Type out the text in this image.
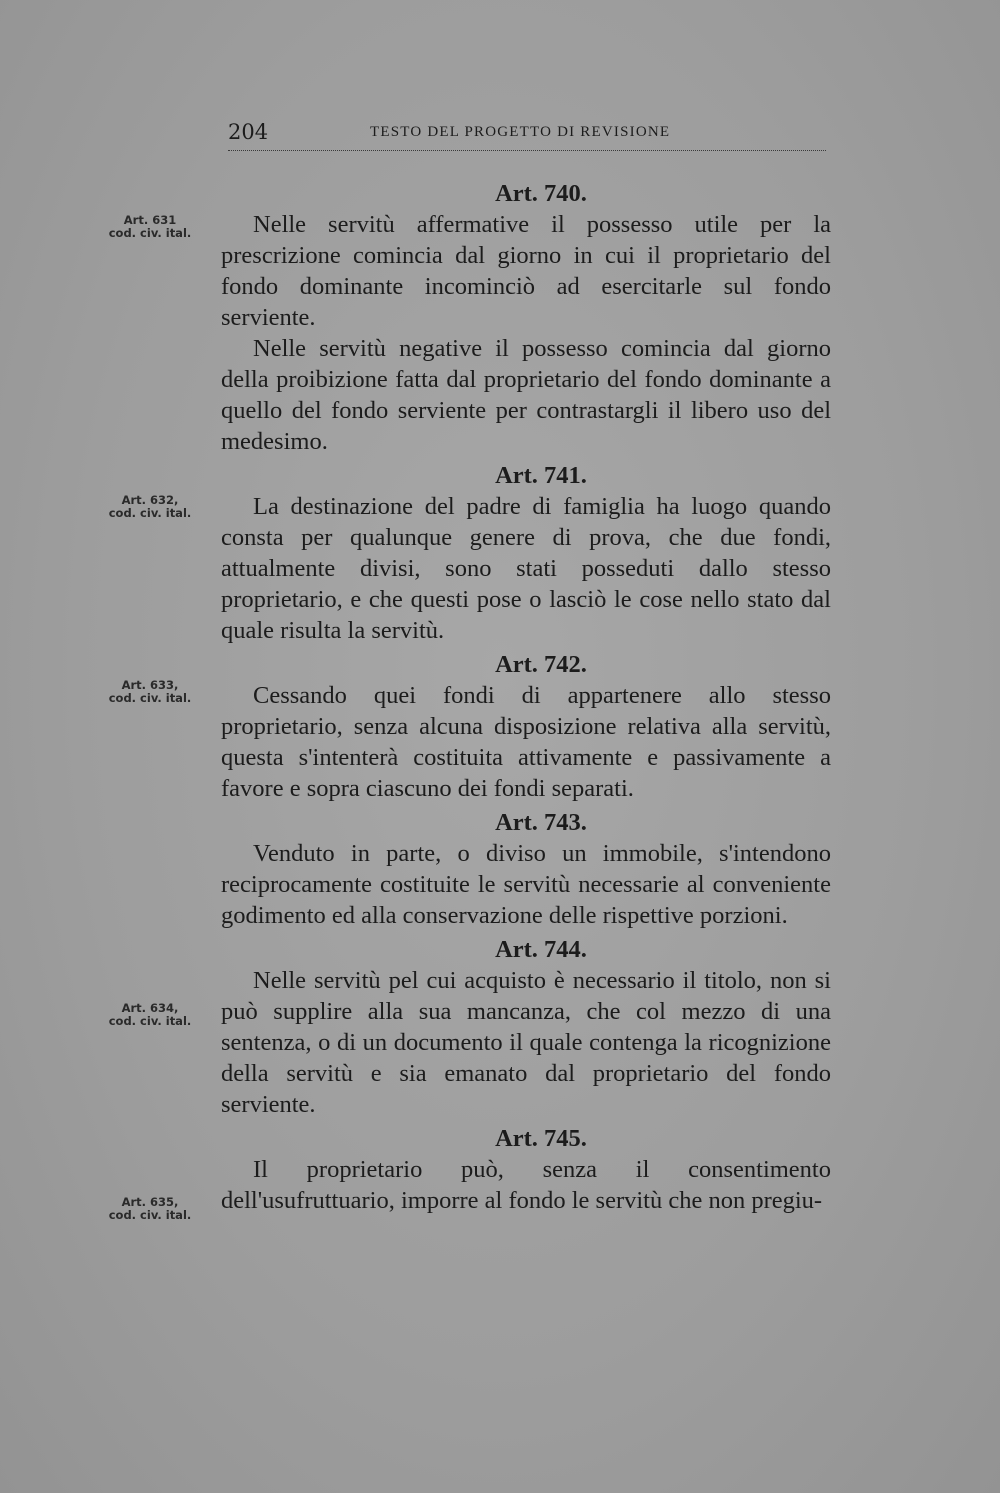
204	TESTO DEL PROGETTO DI REVISIONE
Art. 631
cod. civ. ital.
Art. 632,
cod. civ. ital.
Art. 633,
cod. civ. ital.
Art. 634,
cod. civ. ital.
Art. 635,
cod. civ. ital.
Art. 740.

Nelle servitù affermative il possesso utile per la prescrizione comincia dal giorno in cui il proprietario del fondo dominante incominciò ad esercitarle sul fondo serviente.

Nelle servitù negative il possesso comincia dal giorno della proibizione fatta dal proprietario del fondo dominante a quello del fondo serviente per contrastargli il libero uso del medesimo.

Art. 741.

La destinazione del padre di famiglia ha luogo quando consta per qualunque genere di prova, che due fondi, attualmente divisi, sono stati posseduti dallo stesso proprietario, e che questi pose o lasciò le cose nello stato dal quale risulta la servitù.

Art. 742.

Cessando quei fondi di appartenere allo stesso proprietario, senza alcuna disposizione relativa alla servitù, questa s'intenterà costituita attivamente e passivamente a favore e sopra ciascuno dei fondi separati.

Art. 743.

Venduto in parte, o diviso un immobile, s'intendono reciprocamente costituite le servitù necessarie al conveniente godimento ed alla conservazione delle rispettive porzioni.

Art. 744.

Nelle servitù pel cui acquisto è necessario il titolo, non si può supplire alla sua mancanza, che col mezzo di una sentenza, o di un documento il quale contenga la ricognizione della servitù e sia emanato dal proprietario del fondo serviente.

Art. 745.

Il proprietario può, senza il consentimento dell'usufruttuario, imporre al fondo le servitù che non pregiu-
